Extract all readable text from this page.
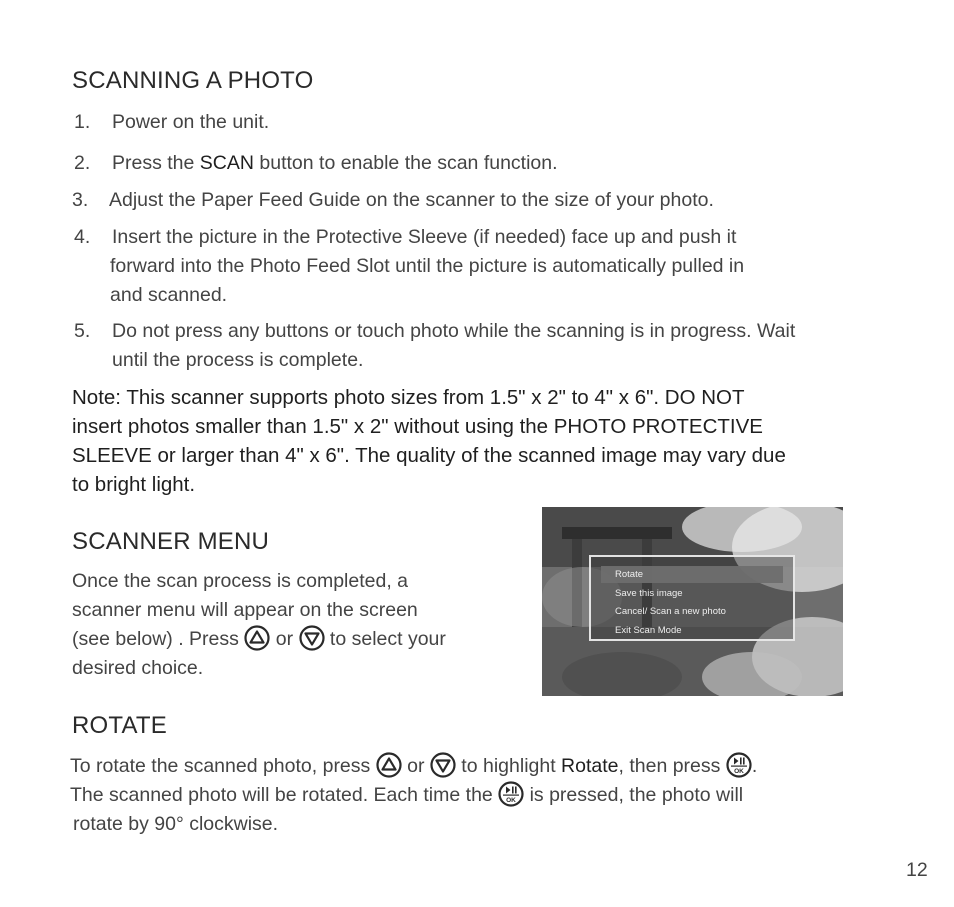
SCANNING A PHOTO
1. Power on the unit.
2. Press the SCAN button to enable the scan function.
3. Adjust the Paper Feed Guide on the scanner to the size of your photo.
4. Insert the picture in the Protective Sleeve (if needed) face up and push it
forward into the Photo Feed Slot until the picture is automatically pulled in
and scanned.
5. Do not press any buttons or touch photo while the scanning is in progress. Wait
until the process is complete.
Note: This scanner supports photo sizes from 1.5" x 2" to 4" x 6". DO NOT
insert photos smaller than 1.5" x 2" without using the PHOTO PROTECTIVE
SLEEVE or larger than 4" x 6". The quality of the scanned image may vary due
to bright light.
SCANNER MENU
Once the scan process is completed, a
scanner menu will appear on the screen
(see below) . Press
or
to select your
desired choice.
Rotate
Save this image
Cancel/ Scan a new photo
Exit Scan Mode
ROTATE
To rotate the scanned photo, press
or
to highlight Rotate, then press OK .
The scanned photo will be rotated. Each time the OK is pressed, the photo will
rotate by 90° clockwise.
12
